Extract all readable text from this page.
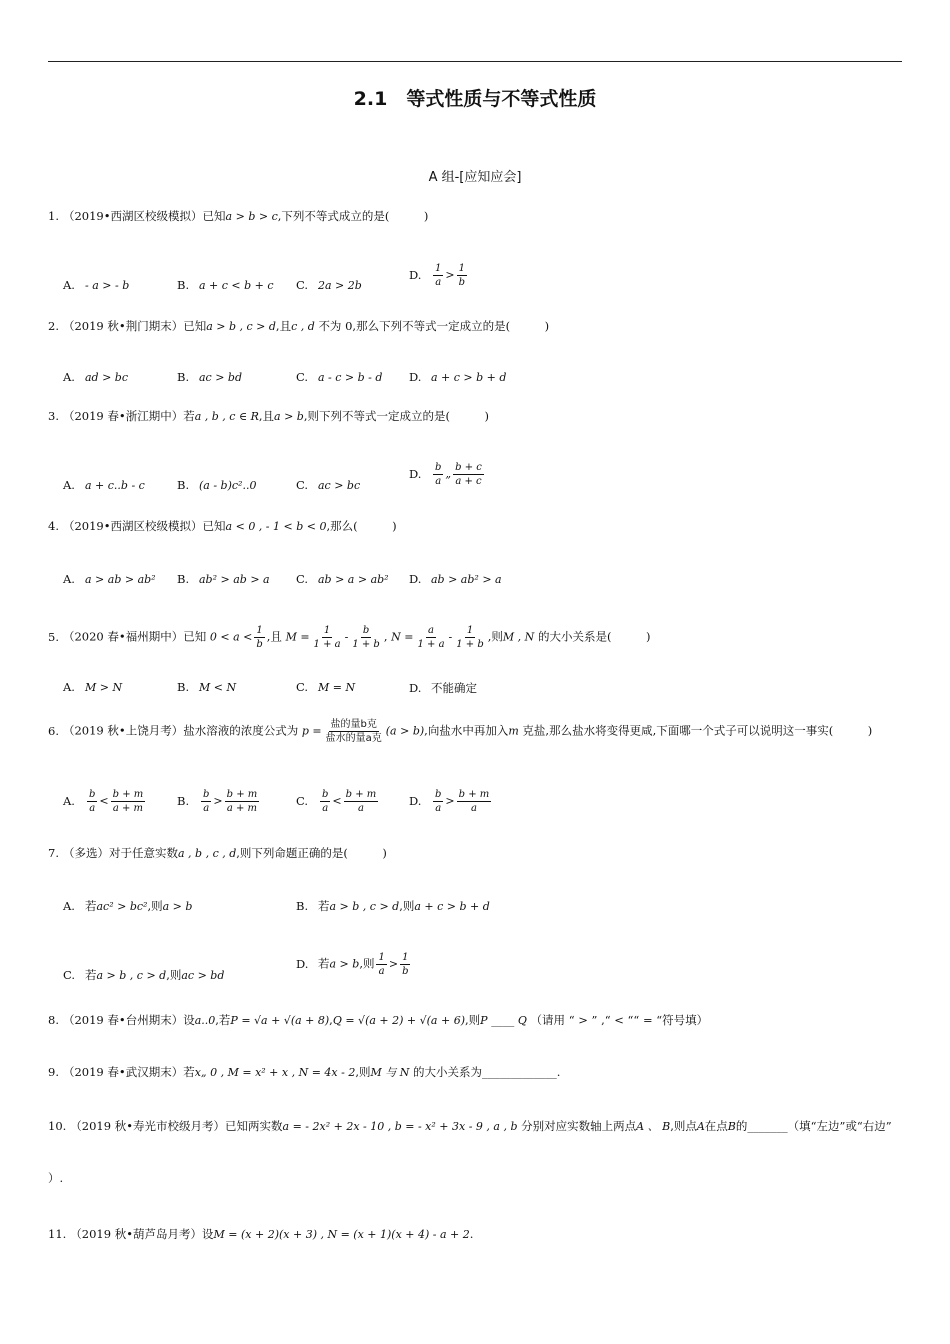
2.1　等式性质与不等式性质
A 组-[应知应会]
1. （2019•西湖区校级模拟）已知a > b > c,下列不等式成立的是(　　　)
A. - a > - b	B. a + c < b + c C. 2a > 2b
D. $\frac{1}{a} > \frac{1}{b}$
2. （2019 秋•荆门期末）已知a > b , c > d,且c , d 不为 0,那么下列不等式一定成立的是(　　　)
A. ad > bc	B. ac > bd	C. a - c > b - d D. a + c > b + d
3. （2019 春•浙江期中）若a , b , c ∈ R,且a > b,则下列不等式一定成立的是(　　　)
A. a + c..b - c	B. (a - b)c²..0	C. ac > bc
D. $\frac{b}{a}$ „ $\frac{b + c}{a + c}$
4. （2019•西湖区校级模拟）已知a < 0 , - 1 < b < 0,那么(　　　)
A. a > ab > ab² B. ab² > ab > a C. ab > a > ab² D. ab > ab² > a
5. （2020 春•福州期中）已知 $0 < a < \frac{1}{b}$ ,且 $M = \frac{1}{1 + a} - \frac{b}{1 + b}$ , $N = \frac{a}{1 + a} - \frac{1}{1 + b}$ ,则M , N 的大小关系是(　　　)
A. M > N	B. M < N	C. M = N	D. 不能确定
6. （2019 秋•上饶月考）盐水溶液的浓度公式为 $p = \frac{\text{盐的量b克}}{\text{盐水的量a克}} (a > b)$,向盐水中再加入m 克盐,那么盐水将变得更咸,下面哪一个式子可以说明这一事实(　　　)
A. $\frac{b}{a} < \frac{b + m}{a + m}$	B. $\frac{b}{a} > \frac{b + m}{a + m}$	C. $\frac{b}{a} < \frac{b + m}{a}$	D. $\frac{b}{a} > \frac{b + m}{a}$
7. （多选）对于任意实数a , b , c , d,则下列命题正确的是(　　　)
A. 若ac² > bc²,则a > b	B. 若a > b , c > d,则a + c > b + d
C. 若a > b , c > d,则ac > bd
D. 若a > b,则 $\frac{1}{a} > \frac{1}{b}$
8. （2019 春•台州期末）设a..0,若P = √a + √(a + 8),Q = √(a + 2) + √(a + 6),则P ____ Q （请用 “ > ” ,“ < ““ = “符号填）
9. （2019 春•武汉期末）若x„ 0 , M = x² + x , N = 4x - 2,则M 与 N 的大小关系为_____________.
10. （2019 秋•寿光市校级月考）已知两实数a = - 2x² + 2x - 10 , b = - x² + 3x - 9 , a , b 分别对应实数轴上两点A 、 B,则点A在点B的_______（填“左边”或“右边”
）.
11. （2019 秋•葫芦岛月考）设M = (x + 2)(x + 3) , N = (x + 1)(x + 4) - a + 2.
